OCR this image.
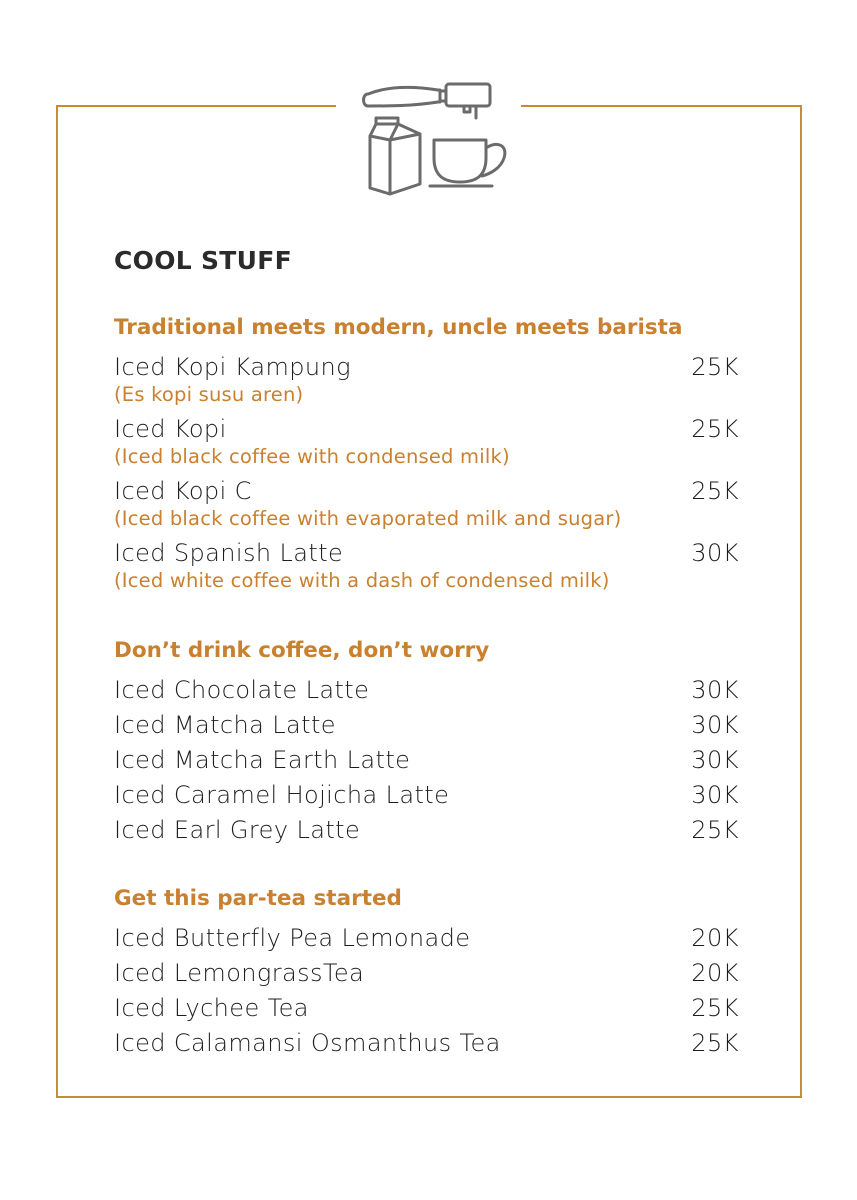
COOL STUFF
Traditional meets modern, uncle meets barista
Iced Kopi Kampung	25K
(Es kopi susu aren)
Iced Kopi	25K
(Iced black coffee with condensed milk)
Iced Kopi C	25K
(Iced black coffee with evaporated milk and sugar)
Iced Spanish Latte	30K
(Iced white coffee with a dash of condensed milk)
Don’t drink coffee, don’t worry
Iced Chocolate Latte	30K
Iced Matcha Latte	30K
Iced Matcha Earth Latte	30K
Iced Caramel Hojicha Latte	30K
Iced Earl Grey Latte	25K
Get this par-tea started
Iced Butterfly Pea Lemonade	20K
Iced LemongrassTea	20K
Iced Lychee Tea	25K
Iced Calamansi Osmanthus Tea	25K
